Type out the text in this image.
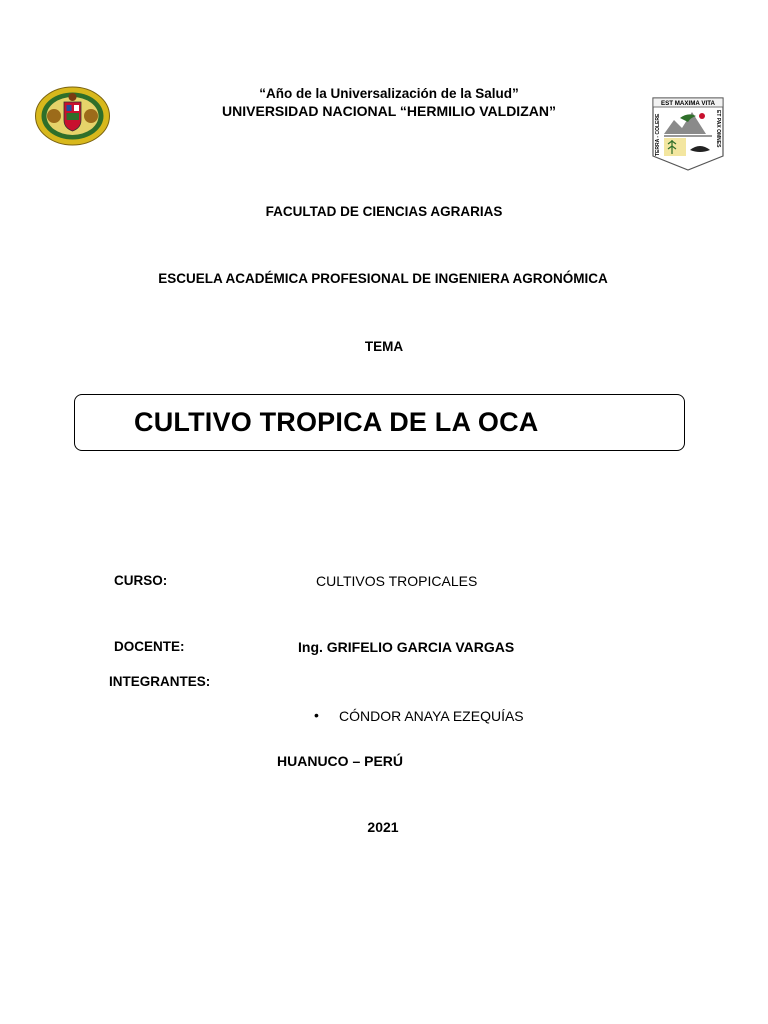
EST MAXIMA VITA
TERRA - COLERE	ET PAX OMNES
“Año de la Universalización de la Salud”
UNIVERSIDAD NACIONAL “HERMILIO VALDIZAN”
FACULTAD DE CIENCIAS AGRARIAS
ESCUELA ACADÉMICA PROFESIONAL DE INGENIERA AGRONÓMICA
TEMA
CULTIVO TROPICA DE LA OCA
CURSO:	CULTIVOS TROPICALES
DOCENTE:	Ing. GRIFELIO GARCIA VARGAS
INTEGRANTES:
• CÓNDOR ANAYA EZEQUÍAS
HUANUCO – PERÚ
2021
